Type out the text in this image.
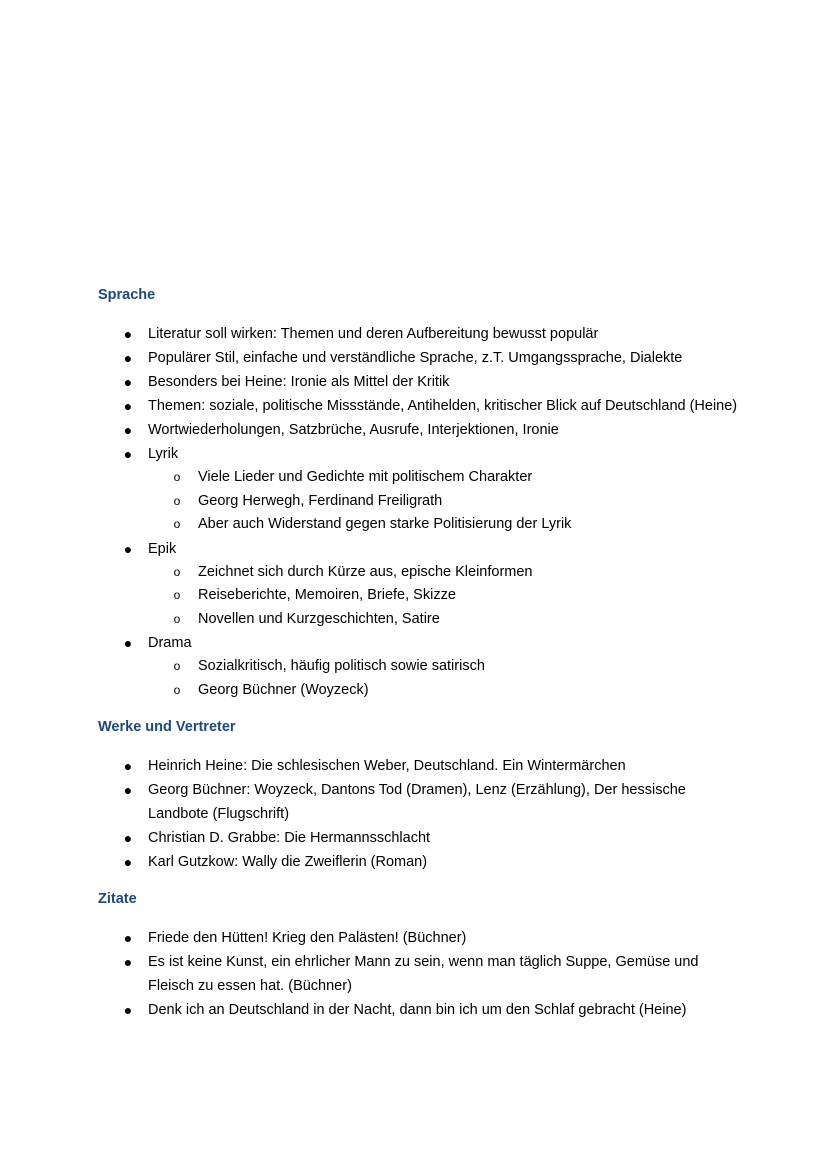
Sprache
● Literatur soll wirken: Themen und deren Aufbereitung bewusst populär
● Populärer Stil, einfache und verständliche Sprache, z.T. Umgangssprache, Dialekte
● Besonders bei Heine: Ironie als Mittel der Kritik
● Themen: soziale, politische Missstände, Antihelden, kritischer Blick auf Deutschland (Heine)
● Wortwiederholungen, Satzbrüche, Ausrufe, Interjektionen, Ironie
● Lyrik
o Viele Lieder und Gedichte mit politischem Charakter
o Georg Herwegh, Ferdinand Freiligrath
o Aber auch Widerstand gegen starke Politisierung der Lyrik
● Epik
o Zeichnet sich durch Kürze aus, epische Kleinformen
o Reiseberichte, Memoiren, Briefe, Skizze
o Novellen und Kurzgeschichten, Satire
● Drama
o Sozialkritisch, häufig politisch sowie satirisch
o Georg Büchner (Woyzeck)
Werke und Vertreter
● Heinrich Heine: Die schlesischen Weber, Deutschland. Ein Wintermärchen
● Georg Büchner: Woyzeck, Dantons Tod (Dramen), Lenz (Erzählung), Der hessische Landbote (Flugschrift)
● Christian D. Grabbe: Die Hermannsschlacht
● Karl Gutzkow: Wally die Zweiflerin (Roman)
Zitate
● Friede den Hütten! Krieg den Palästen! (Büchner)
● Es ist keine Kunst, ein ehrlicher Mann zu sein, wenn man täglich Suppe, Gemüse und Fleisch zu essen hat. (Büchner)
● Denk ich an Deutschland in der Nacht, dann bin ich um den Schlaf gebracht (Heine)
